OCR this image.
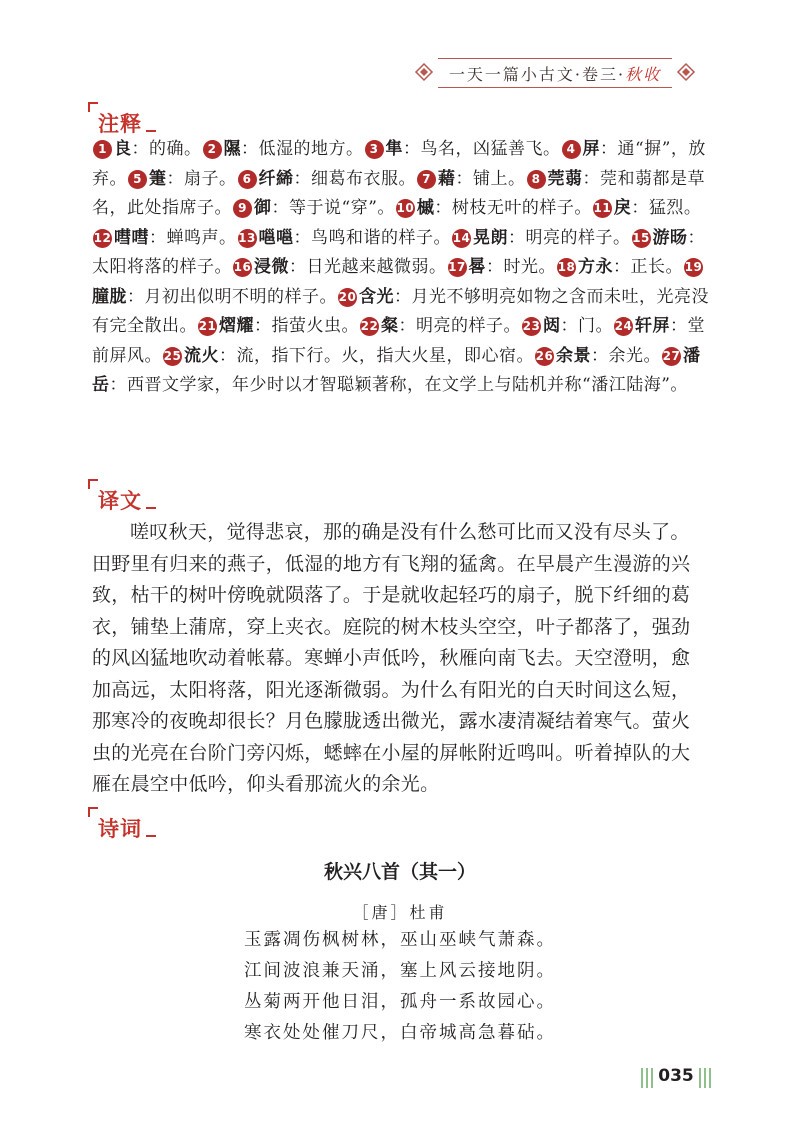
一天一篇小古文·卷三·秋收
注释
1 良：的确。 2 隰：低湿的地方。 3 隼：鸟名，凶猛善飞。 4 屏：通“摒”，放弃。 5 箑：扇子。 6 纤絺：细葛布衣服。 7 藉：铺上。 8 莞蒻：莞和蒻都是草名，此处指席子。 9 御：等于说“穿”。 10 槭：树枝无叶的样子。 11 戾：猛烈。12 嘒嘒：蝉鸣声。 13 嗈嗈：鸟鸣和谐的样子。 14 晃朗：明亮的样子。 15 游旸：太阳将落的样子。 16 浸微：日光越来越微弱。 17 晷：时光。 18 方永：正长。 19朣胧：月初出似明不明的样子。 20 含光：月光不够明亮如物之含而未吐，光亮没有完全散出。 21 熠耀：指萤火虫。 22 粲：明亮的样子。 23 闼：门。 24 轩屏：堂前屏风。 25 流火：流，指下行。火，指大火星，即心宿。 26 余景：余光。 27 潘岳：西晋文学家，年少时以才智聪颖著称，在文学上与陆机并称“潘江陆海”。
译文
嗟叹秋天，觉得悲哀，那的确是没有什么愁可比而又没有尽头了。田野里有归来的燕子，低湿的地方有飞翔的猛禽。在早晨产生漫游的兴致，枯干的树叶傍晚就陨落了。于是就收起轻巧的扇子，脱下纤细的葛衣，铺垫上蒲席，穿上夹衣。庭院的树木枝头空空，叶子都落了，强劲的风凶猛地吹动着帐幕。寒蝉小声低吟，秋雁向南飞去。天空澄明，愈加高远，太阳将落，阳光逐渐微弱。为什么有阳光的白天时间这么短，那寒冷的夜晚却很长？月色朦胧透出微光，露水凄清凝结着寒气。萤火虫的光亮在台阶门旁闪烁，蟋蟀在小屋的屏帐附近鸣叫。听着掉队的大雁在晨空中低吟，仰头看那流火的余光。
诗词
秋兴八首（其一）
［唐］杜甫
玉露凋伤枫树林，巫山巫峡气萧森。
江间波浪兼天涌，塞上风云接地阴。
丛菊两开他日泪，孤舟一系故园心。
寒衣处处催刀尺，白帝城高急暮砧。
035
